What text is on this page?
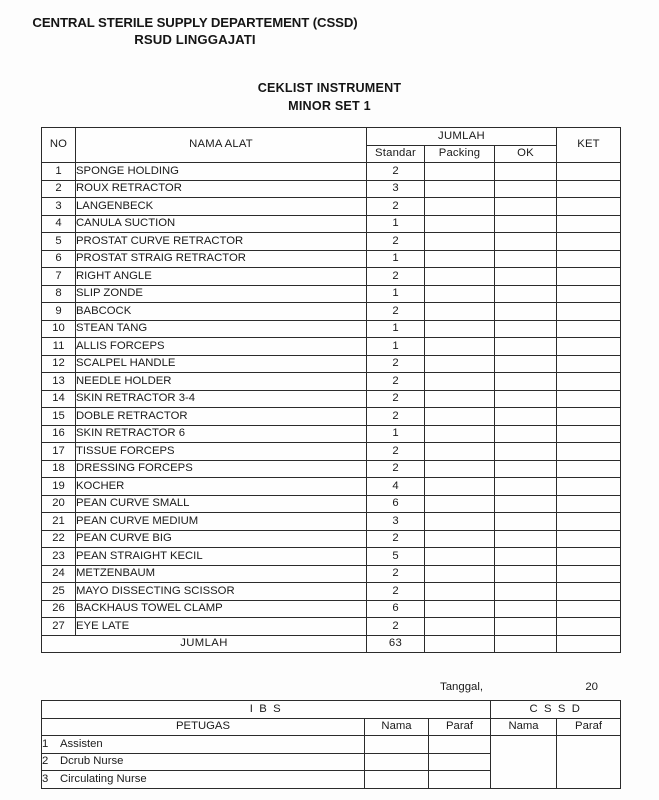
CENTRAL STERILE SUPPLY DEPARTEMENT (CSSD)
RSUD LINGGAJATI
CEKLIST INSTRUMENT
MINOR SET 1
NO	NAMA ALAT	JUMLAH			KET
		Standar	Packing	OK	
1	SPONGE HOLDING	2			
2	ROUX RETRACTOR	3			
3	LANGENBECK	2			
4	CANULA SUCTION	1			
5	PROSTAT CURVE RETRACTOR	2			
6	PROSTAT STRAIG RETRACTOR	1			
7	RIGHT ANGLE	2			
8	SLIP ZONDE	1			
9	BABCOCK	2			
10	STEAN TANG	1			
11	ALLIS FORCEPS	1			
12	SCALPEL HANDLE	2			
13	NEEDLE HOLDER	2			
14	SKIN RETRACTOR 3-4	2			
15	DOBLE RETRACTOR	2			
16	SKIN RETRACTOR 6	1			
17	TISSUE FORCEPS	2			
18	DRESSING FORCEPS	2			
19	KOCHER	4			
20	PEAN CURVE SMALL	6			
21	PEAN CURVE MEDIUM	3			
22	PEAN CURVE BIG	2			
23	PEAN STRAIGHT KECIL	5			
24	METZENBAUM	2			
25	MAYO DISSECTING SCISSOR	2			
26	BACKHAUS TOWEL CLAMP	6			
27	EYE LATE	2			
JUMLAH		63			
Tanggal,	20
I B S			C S S D	
PETUGAS	Nama	Paraf	Nama	Paraf
1 Assisten				
2 Dcrub Nurse				
3 Circulating Nurse				
